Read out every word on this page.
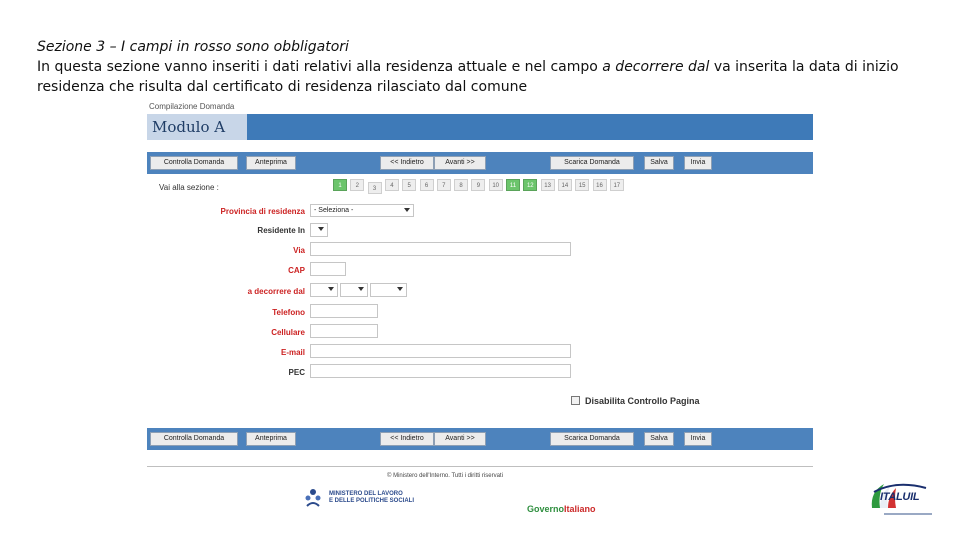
Sezione 3 – I campi in rosso sono obbligatori
In questa sezione vanno inseriti i dati relativi alla residenza attuale e nel campo a decorrere dal va inserita la data di inizio residenza che risulta dal certificato di residenza rilasciato dal comune
Compilazione Domanda
Modulo A
Controlla Domanda	Anteprima	<< Indietro	Avanti >>	Scarica Domanda	Salva	Invia
Vai alla sezione :	1	2	3	4	5	6	7	8	9	10	11	12	13	14	15	16	17
Provincia di residenza	- Seleziona -
Residente In
Via
CAP
a decorrere dal
Telefono
Cellulare
E-mail
PEC
Disabilita Controllo Pagina
Controlla Domanda	Anteprima	<< Indietro	Avanti >>	Scarica Domanda	Salva	Invia
© Ministero dell'Interno. Tutti i diritti riservati
MINISTERO DEL LAVORO
E DELLE POLITICHE SOCIALI
GovernoItaliano
ITALUIL
